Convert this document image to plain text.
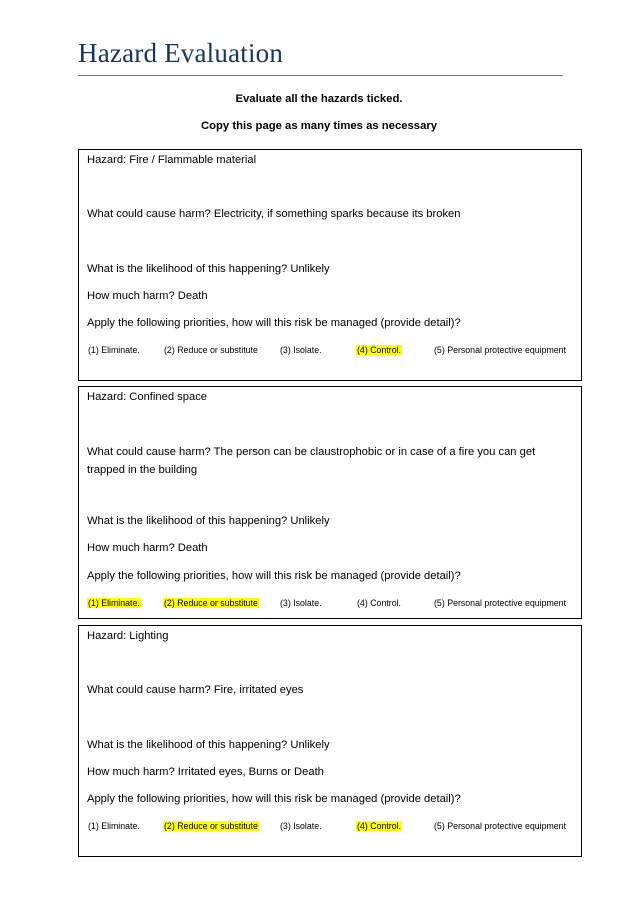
Hazard Evaluation
Evaluate all the hazards ticked.
Copy this page as many times as necessary
Hazard: Fire / Flammable material
What could cause harm? Electricity, if something sparks because its broken
What is the likelihood of this happening? Unlikely
How much harm? Death
Apply the following priorities, how will this risk be managed (provide detail)?
(1) Eliminate.	(2) Reduce or substitute	(3) Isolate.	(4) Control.	(5) Personal protective equipment
Hazard: Confined space
What could cause harm? The person can be claustrophobic or in case of a fire you can get trapped in the building
What is the likelihood of this happening? Unlikely
How much harm? Death
Apply the following priorities, how will this risk be managed (provide detail)?
(1) Eliminate.	(2) Reduce or substitute	(3) Isolate.	(4) Control.	(5) Personal protective equipment
Hazard: Lighting
What could cause harm? Fire, irritated eyes
What is the likelihood of this happening? Unlikely
How much harm? Irritated eyes, Burns or Death
Apply the following priorities, how will this risk be managed (provide detail)?
(1) Eliminate.	(2) Reduce or substitute	(3) Isolate.	(4) Control.	(5) Personal protective equipment
